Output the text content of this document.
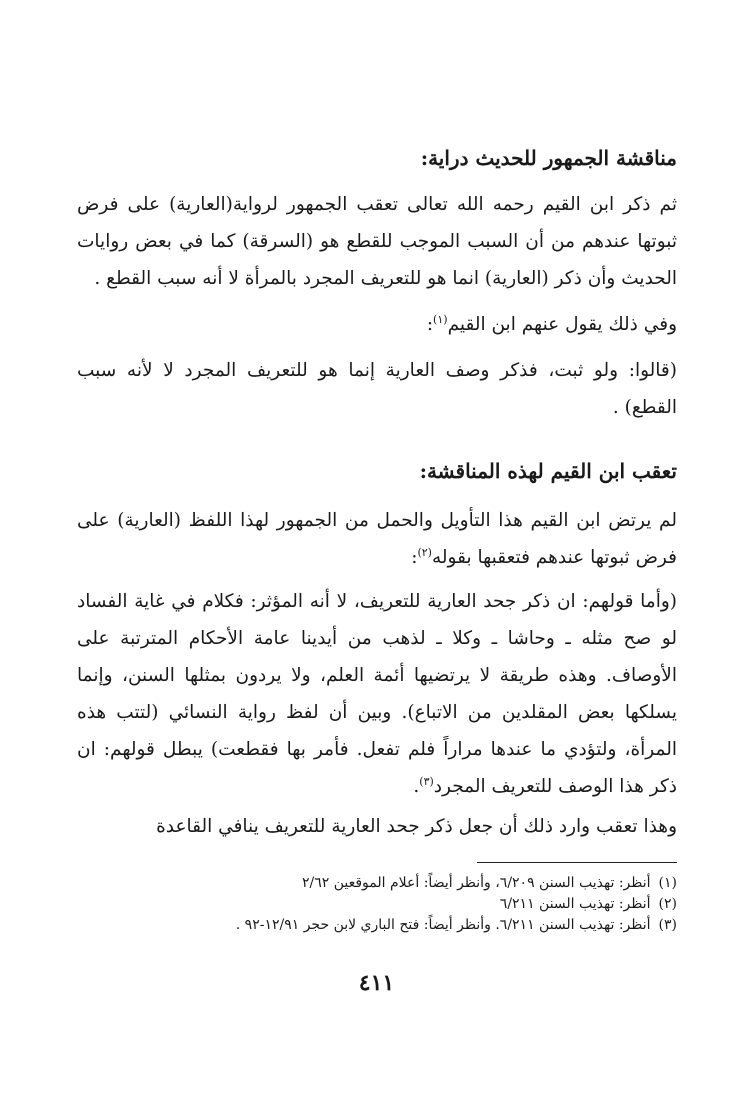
مناقشة الجمهور للحديث دراية:
ثم ذكر ابن القيم رحمه الله تعالى تعقب الجمهور لرواية(العارية) على فرض ثبوتها عندهم من أن السبب الموجب للقطع هو (السرقة) كما في بعض روايات الحديث وأن ذكر (العارية) انما هو للتعريف المجرد بالمرأة لا أنه سبب القطع .
وفي ذلك يقول عنهم ابن القيم$^{(١)}$:
(قالوا: ولو ثبت، فذكر وصف العارية إنما هو للتعريف المجرد لا لأنه سبب القطع) .
تعقب ابن القيم لهذه المناقشة:
لم يرتض ابن القيم هذا التأويل والحمل من الجمهور لهذا اللفظ (العارية) على فرض ثبوتها عندهم فتعقبها بقوله$^{(٢)}$:
(وأما قولهم: ان ذكر جحد العارية للتعريف، لا أنه المؤثر: فكلام في غاية الفساد لو صح مثله ـ وحاشا ـ وكلا ـ لذهب من أيدينا عامة الأحكام المترتبة على الأوصاف. وهذه طريقة لا يرتضيها أئمة العلم، ولا يردون بمثلها السنن، وإنما يسلكها بعض المقلدين من الاتباع). وبين أن لفظ رواية النسائي (لتتب هذه المرأة، ولتؤدي ما عندها مراراً فلم تفعل. فأمر بها فقطعت) يبطل قولهم: ان ذكر هذا الوصف للتعريف المجرد$^{(٣)}$.
وهذا تعقب وارد ذلك أن جعل ذكر جحد العارية للتعريف ينافي القاعدة
(١)أنظر: تهذيب السنن ٦/٢٠٩، وأنظر أيضاً: أعلام الموقعين ٢/٦٢
(٢)أنظر: تهذيب السنن ٦/٢١١
(٣)أنظر: تهذيب السنن ٦/٢١١. وأنظر أيضاً: فتح الباري لابن حجر ١٢/٩١-٩٢ .
٤١١
